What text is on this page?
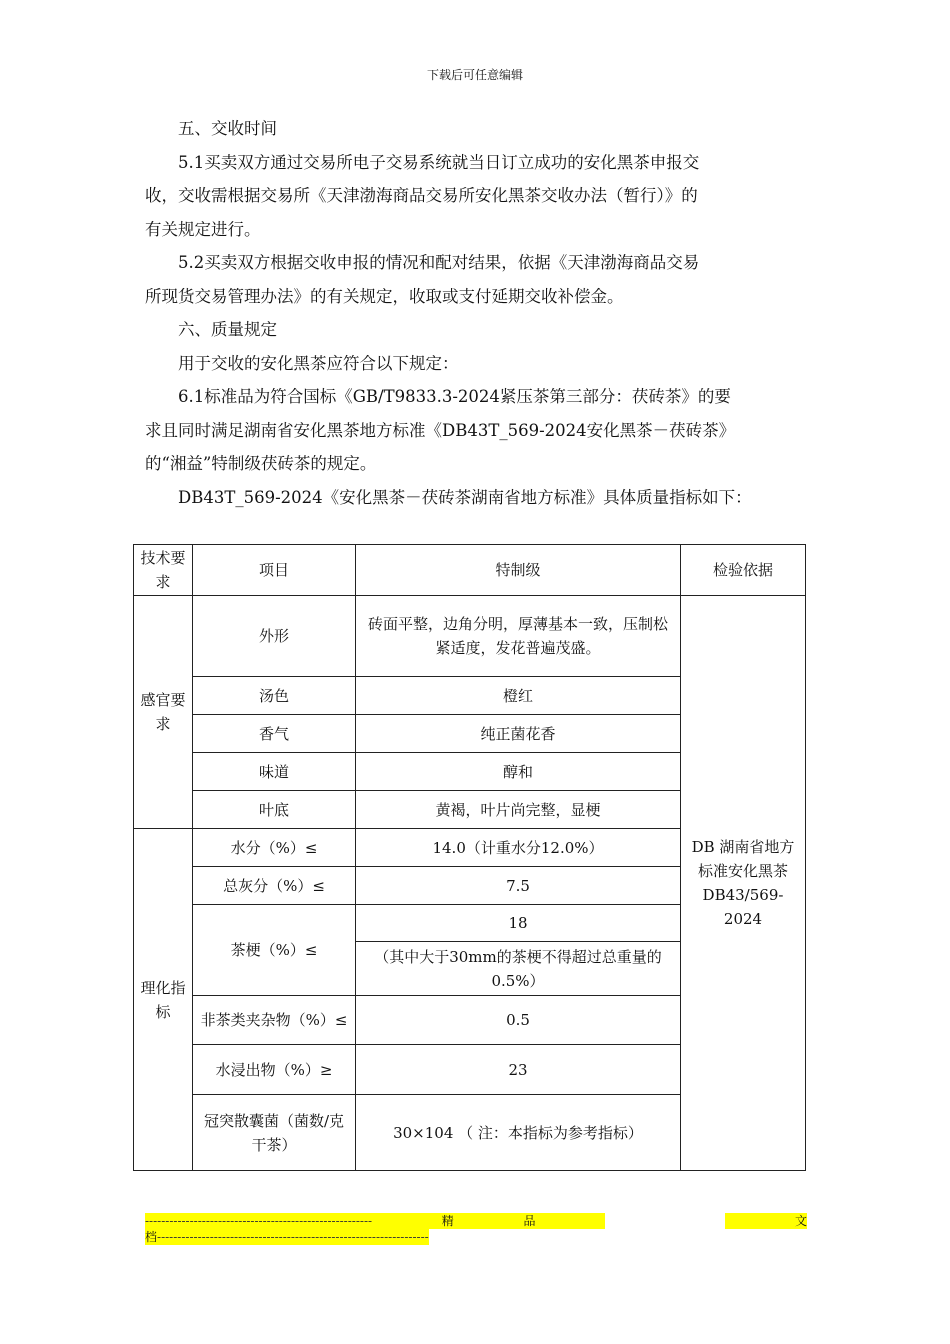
下载后可任意编辑

五、交收时间

5.1买卖双方通过交易所电子交易系统就当日订立成功的安化黑茶申报交

收，交收需根据交易所《天津渤海商品交易所安化黑茶交收办法（暂行）》的

有关规定进行。

5.2买卖双方根据交收申报的情况和配对结果，依据《天津渤海商品交易

所现货交易管理办法》的有关规定，收取或支付延期交收补偿金。

六、质量规定

用于交收的安化黑茶应符合以下规定：

6.1标准品为符合国标《GB/T9833.3-2024紧压茶第三部分：茯砖茶》的要

求且同时满足湖南省安化黑茶地方标准《DB43T_569-2024安化黑茶－茯砖茶》

的“湘益”特制级茯砖茶的规定。

DB43T_569-2024《安化黑茶－茯砖茶湖南省地方标准》具体质量指标如下：

技术要求	项目	特制级	检验依据
感官要求	外形	砖面平整，边角分明，厚薄基本一致，压制松紧适度，发花普遍茂盛。	DB 湖南省地方标准安化黑茶 DB43/569-2024
	汤色	橙红	
	香气	纯正菌花香	
	味道	醇和	
	叶底	黄褐，叶片尚完整，显梗	
理化指标	水分（%）≤	14.0（计重水分12.0%）	
	总灰分（%）≤	7.5	
	茶梗（%）≤	18	
		（其中大于30mm的茶梗不得超过总重量的0.5%）	
	非茶类夹杂物（%）≤	0.5	
	水浸出物（%）≥	23	
	冠突散囊菌（菌数/克干茶）	30×104 （ 注：本指标为参考指标）	
--------------------------------------------------------	精	品	文
档-------------------------------------------------------------------
